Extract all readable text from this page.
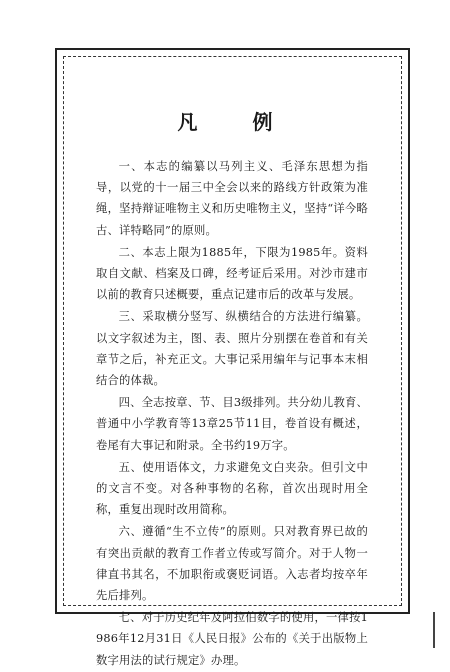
凡 例

一、本志的编纂以马列主义、毛泽东思想为指导，以党的十一届三中全会以来的路线方针政策为准绳，坚持辩证唯物主义和历史唯物主义，坚持“详今略古、详特略同”的原则。

二、本志上限为1885年，下限为1985年。资料取自文献、档案及口碑，经考证后采用。对沙市建市以前的教育只述概要，重点记建市后的改革与发展。

三、采取横分竖写、纵横结合的方法进行编纂。以文字叙述为主，图、表、照片分别摆在卷首和有关章节之后，补充正文。大事记采用编年与记事本末相结合的体裁。

四、全志按章、节、目3级排列。共分幼儿教育、普通中小学教育等13章25节11目，卷首设有概述，卷尾有大事记和附录。全书约19万字。

五、使用语体文，力求避免文白夹杂。但引文中的文言不变。对各种事物的名称，首次出现时用全称，重复出现时改用简称。

六、遵循“生不立传”的原则。只对教育界已故的有突出贡献的教育工作者立传或写简介。对于人物一律直书其名，不加职衔或褒贬词语。入志者均按卒年先后排列。

七、对于历史纪年及阿拉伯数字的使用，一律按1986年12月31日《人民日报》公布的《关于出版物上数字用法的试行规定》办理。
